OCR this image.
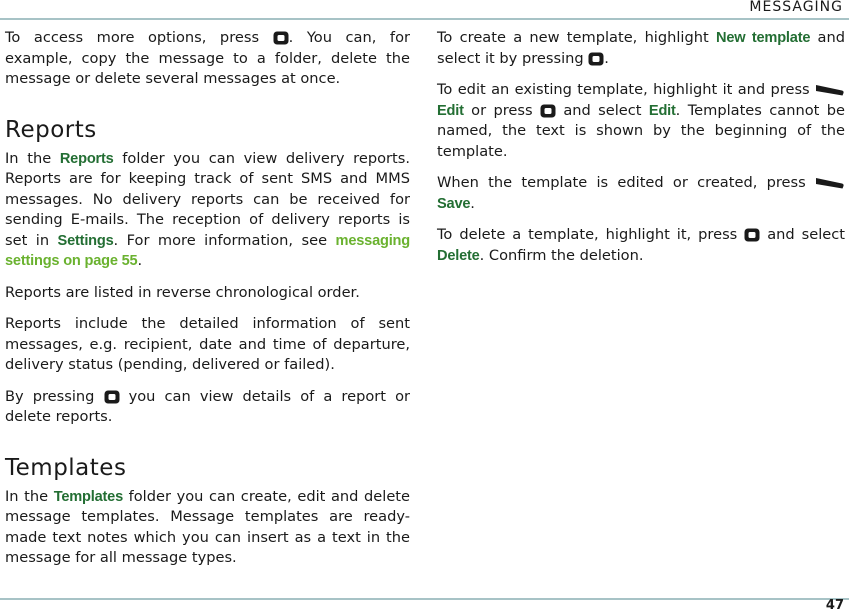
MESSAGING

To access more options, press . You can, for example, copy the message to a folder, delete the message or delete several messages at once.

Reports

In the Reports folder you can view delivery reports. Reports are for keeping track of sent SMS and MMS messages. No delivery reports can be received for sending E-mails. The reception of delivery reports is set in Settings. For more information, see messaging settings on page 55.

Reports are listed in reverse chronological order.

Reports include the detailed information of sent messages, e.g. recipient, date and time of departure, delivery status (pending, delivered or failed).

By pressing  you can view details of a report or delete reports.

Templates

In the Templates folder you can create, edit and delete message templates. Message templates are ready-made text notes which you can insert as a text in the message for all message types.

To create a new template, highlight New template and select it by pressing .

To edit an existing template, highlight it and press  Edit or press  and select Edit. Templates cannot be named, the text is shown by the beginning of the template.

When the template is edited or created, press  Save.

To delete a template, highlight it, press  and select Delete. Confirm the deletion.

47
